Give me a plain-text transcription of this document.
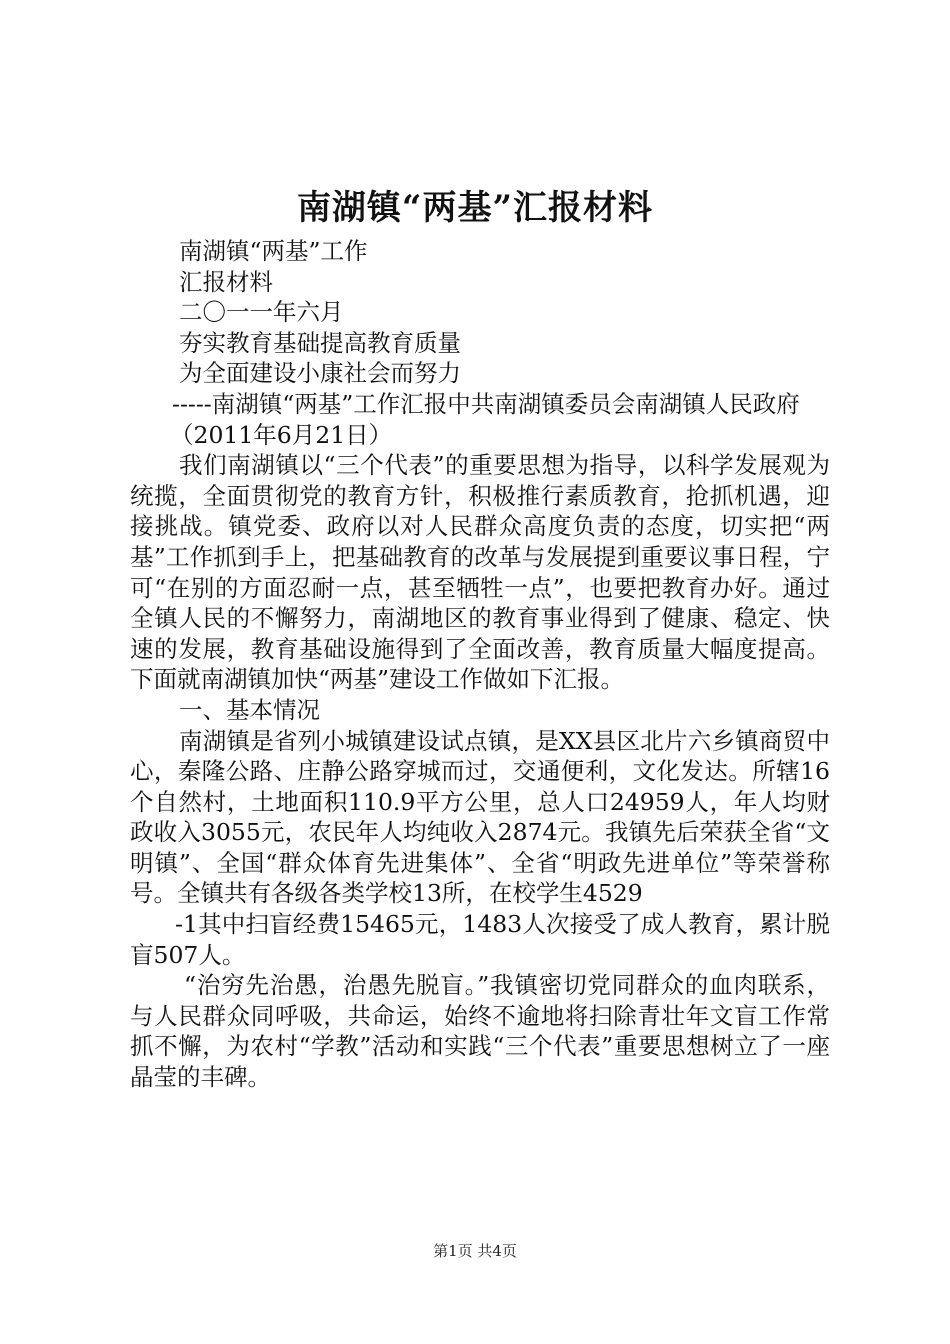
南湖镇“两基”汇报材料

南湖镇“两基”工作

汇报材料

二〇一一年六月

夯实教育基础提高教育质量

为全面建设小康社会而努力

-----南湖镇“两基”工作汇报中共南湖镇委员会南湖镇人民政府

（2011年6月21日）

我们南湖镇以“三个代表”的重要思想为指导，以科学发展观为统揽，全面贯彻党的教育方针，积极推行素质教育，抢抓机遇，迎接挑战。镇党委、政府以对人民群众高度负责的态度，切实把“两基”工作抓到手上，把基础教育的改革与发展提到重要议事日程，宁可“在别的方面忍耐一点，甚至牺牲一点”，也要把教育办好。通过全镇人民的不懈努力，南湖地区的教育事业得到了健康、稳定、快速的发展，教育基础设施得到了全面改善，教育质量大幅度提高。下面就南湖镇加快“两基”建设工作做如下汇报。

一、基本情况

南湖镇是省列小城镇建设试点镇，是XX县区北片六乡镇商贸中心，秦隆公路、庄静公路穿城而过，交通便利，文化发达。所辖16个自然村，土地面积110.9平方公里，总人口24959人，年人均财政收入3055元，农民年人均纯收入2874元。我镇先后荣获全省“文明镇”、全国“群众体育先进集体”、全省“明政先进单位”等荣誉称号。全镇共有各级各类学校13所，在校学生4529

-1其中扫盲经费15465元，1483人次接受了成人教育，累计脱盲507人。

“治穷先治愚，治愚先脱盲。”我镇密切党同群众的血肉联系，与人民群众同呼吸，共命运，始终不逾地将扫除青壮年文盲工作常抓不懈，为农村“学教”活动和实践“三个代表”重要思想树立了一座晶莹的丰碑。

第1页 共4页
